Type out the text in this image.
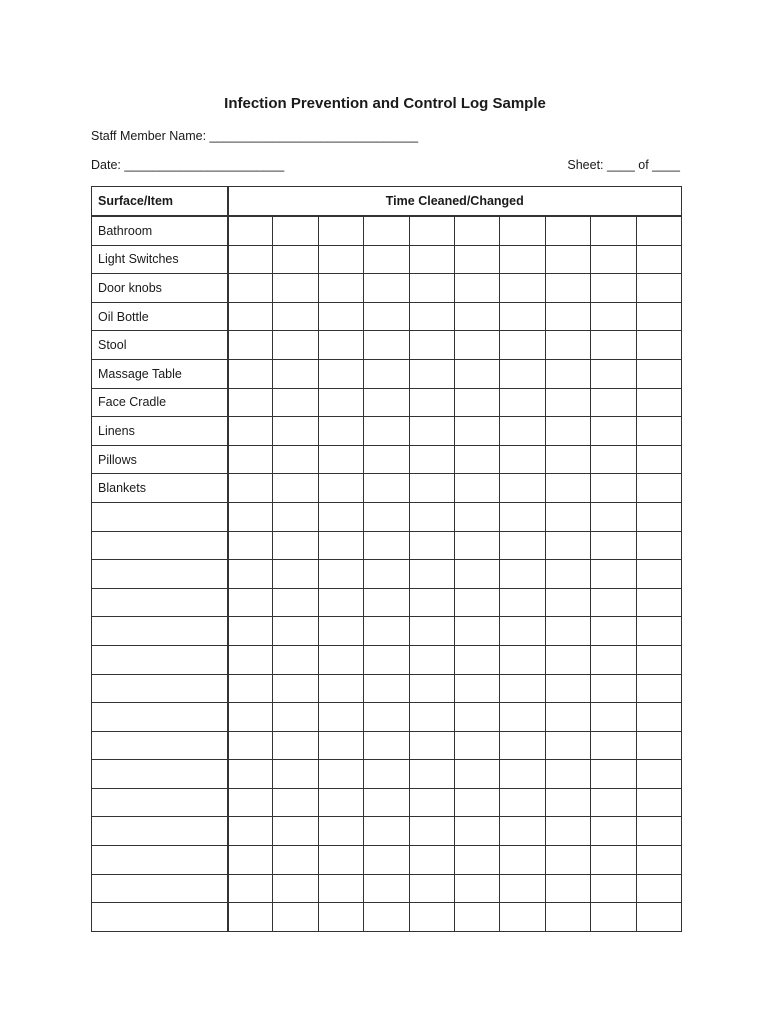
Infection Prevention and Control Log Sample
Staff Member Name: ______________________________
Date: _______________________	Sheet: ____ of ____
Surface/Item	Time Cleaned/Changed									
Bathroom										
Light Switches										
Door knobs										
Oil Bottle										
Stool										
Massage Table										
Face Cradle										
Linens										
Pillows										
Blankets										
